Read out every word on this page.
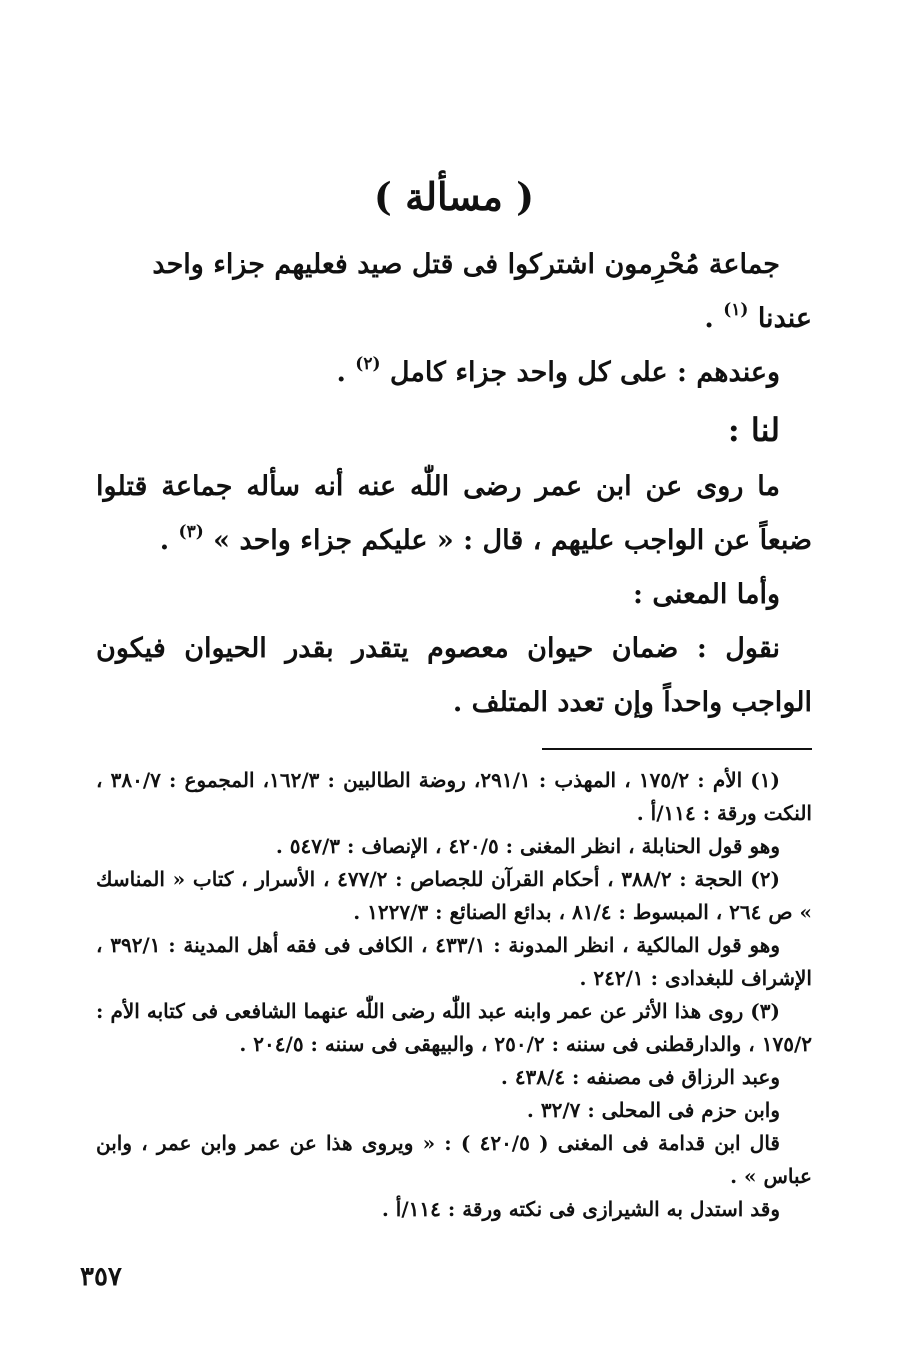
( مسألة )

جماعة مُحْرِمون اشتركوا فى قتل صيد فعليهم جزاء واحد عندنا $^{(١)}$ .

وعندهم : على كل واحد جزاء كامل $^{(٢)}$ .

لنا :

ما روى عن ابن عمر رضى اللّٰه عنه أنه سأله جماعة قتلوا ضبعاً عن الواجب عليهم ، قال : « عليكم جزاء واحد » $^{(٣)}$ .

وأما المعنى :

نقول : ضمان حيوان معصوم يتقدر بقدر الحيوان فيكون الواجب واحداً وإن تعدد المتلف .

(١) الأم : ١٧٥/٢ ، المهذب : ٢٩١/١، روضة الطالبين : ١٦٢/٣، المجموع : ٣٨٠/٧ ، النكت ورقة : ١١٤/أ .

وهو قول الحنابلة ، انظر المغنى : ٤٢٠/٥ ، الإنصاف : ٥٤٧/٣ .

(٢) الحجة : ٣٨٨/٢ ، أحكام القرآن للجصاص : ٤٧٧/٢ ، الأسرار ، كتاب « المناسك » ص ٢٦٤ ، المبسوط : ٨١/٤ ، بدائع الصنائع : ١٢٢٧/٣ .

وهو قول المالكية ، انظر المدونة : ٤٣٣/١ ، الكافى فى فقه أهل المدينة : ٣٩٢/١ ، الإشراف للبغدادى : ٢٤٢/١ .

(٣) روى هذا الأثر عن عمر وابنه عبد اللّٰه رضى اللّٰه عنهما الشافعى فى كتابه الأم : ١٧٥/٢ ، والدارقطنى فى سننه : ٢٥٠/٢ ، والبيهقى فى سننه : ٢٠٤/٥ .

وعبد الرزاق فى مصنفه : ٤٣٨/٤ .

وابن حزم فى المحلى : ٣٢/٧ .

قال ابن قدامة فى المغنى ( ٤٢٠/٥ ) : « ويروى هذا عن عمر وابن عمر ، وابن عباس » .

وقد استدل به الشيرازى فى نكته ورقة : ١١٤/أ .

٣٥٧
